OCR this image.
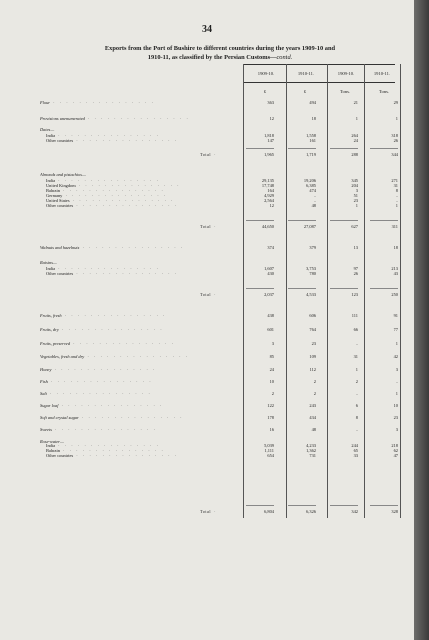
34
Exports from the Port of Bushire to different countries during the years 1909-10 and
1910-11, as classified by the Persian Customs—contd.
1909-10.	1910-11.	1909-10.	1910-11.
£	£	Tons.	Tons.
Flour · · · · · · · · · · · · · · · ·	363	494	21	29
Provisions unenumerated · · · · · · · · · · · · · · · ·	12	18	1	1
Dates—
India · · · · · · · · · · · · · · · ·	1,818	1,558	264	318
Other countries · · · · · · · · · · · · · · · ·	147	161	24	26
Total ·	1,965	1,719	288	344
Almonds and pistachios—
India · · · · · · · · · · · · · · · ·	29,135	19,206	345	271
United Kingdom · · · · · · · · · · · · · · · ·	17,748	6,385	204	31
Bahrain · · · · · · · · · · · · · · · ·	164	474	3	8
Germany · · · · · · · · · · · · · · · ·	4,929	..	51	..
United States · · · · · · · · · · · · · · · ·	2,564	..	23	..
Other countries · · · · · · · · · · · · · · · ·	12	48	1	1
Total ·	44,650	27,087	627	311
Walnuts and hazelnuts · · · · · · · · · · · · · · · ·	374	379	13	18
Raisins—
India · · · · · · · · · · · · · · · ·	1,607	3,753	97	213
Other countries · · · · · · · · · · · · · · · ·	430	780	26	43
Total ·	2,037	4,533	123	250
Fruits, fresh · · · · · · · · · · · · · · · ·	438	606	111	91
Fruits, dry · · · · · · · · · · · · · · · ·	601	764	66	77
Fruits, preserved · · · · · · · · · · · · · · · ·	3	23	..	1
Vegetables, fresh and dry · · · · · · · · · · · · · · · ·	85	109	31	42
Honey · · · · · · · · · · · · · · · ·	24	112	1	3
Fish · · · · · · · · · · · · · · · ·	10	2	2	..
Salt · · · · · · · · · · · · · · · ·	2	2	..	1
Sugar loaf · · · · · · · · · · · · · · · ·	122	243	6	10
Soft and crystal sugar · · · · · · · · · · · · · · · ·	178	434	8	23
Sweets · · · · · · · · · · · · · · · ·	16	48	..	3
Rose-water—
India · · · · · · · · · · · · · · · ·	5,039	4,233	244	218
Bahrain · · · · · · · · · · · · · · · ·	1,111	1,362	65	62
Other countries · · · · · · · · · · · · · · · ·	654	731	33	47
Total ·	6,804	6,326	342	328
